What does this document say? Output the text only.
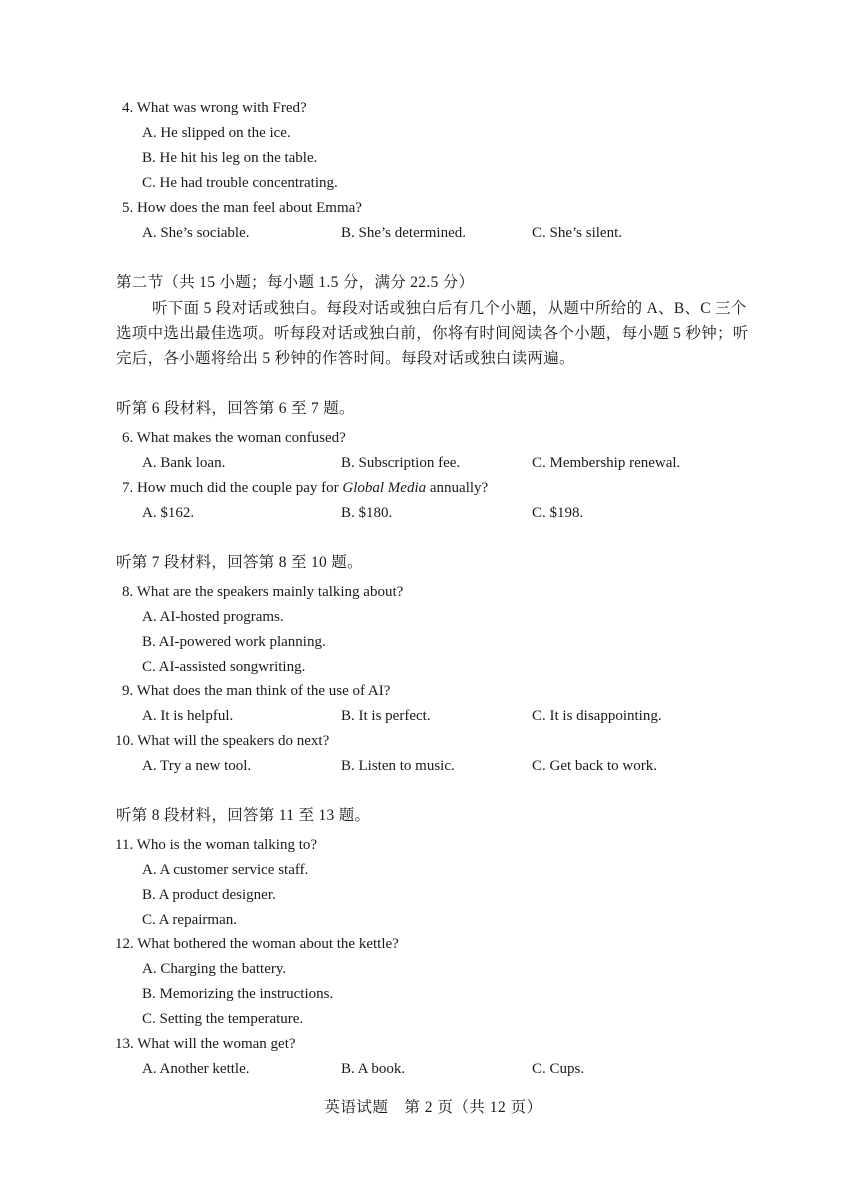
4. What was wrong with Fred?

A. He slipped on the ice.

B. He hit his leg on the table.

C. He had trouble concentrating.

5. How does the man feel about Emma?

A. She’s sociable.	B. She’s determined.	C. She’s silent.

第二节（共 15 小题；每小题 1.5 分，满分 22.5 分）

听下面 5 段对话或独白。每段对话或独白后有几个小题，从题中所给的 A、B、C 三个

选项中选出最佳选项。听每段对话或独白前，你将有时间阅读各个小题，每小题 5 秒钟；听

完后，各小题将给出 5 秒钟的作答时间。每段对话或独白读两遍。

听第 6 段材料，回答第 6 至 7 题。

6. What makes the woman confused?

A. Bank loan.	B. Subscription fee.	C. Membership renewal.

7. How much did the couple pay for Global Media annually?

A. $162.	B. $180.	C. $198.

听第 7 段材料，回答第 8 至 10 题。

8. What are the speakers mainly talking about?

A. AI-hosted programs.

B. AI-powered work planning.

C. AI-assisted songwriting.

9. What does the man think of the use of AI?

A. It is helpful.	B. It is perfect.	C. It is disappointing.

10. What will the speakers do next?

A. Try a new tool.	B. Listen to music.	C. Get back to work.

听第 8 段材料，回答第 11 至 13 题。

11. Who is the woman talking to?

A. A customer service staff.

B. A product designer.

C. A repairman.

12. What bothered the woman about the kettle?

A. Charging the battery.

B. Memorizing the instructions.

C. Setting the temperature.

13. What will the woman get?

A. Another kettle.	B. A book.	C. Cups.
英语试题　第 2 页（共 12 页）
